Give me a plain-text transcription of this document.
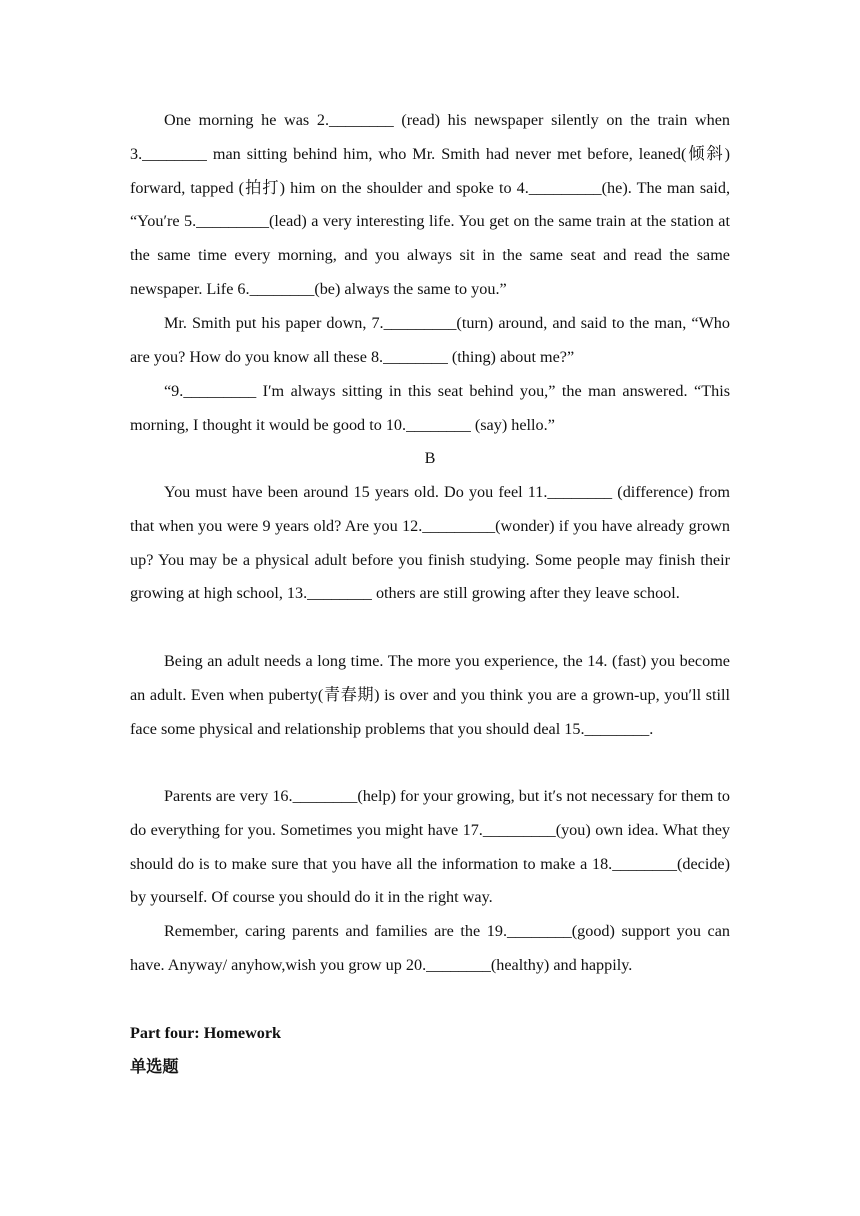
One morning he was 2.________ (read) his newspaper silently on the train when 3.________ man sitting behind him, who Mr. Smith had never met before, leaned(倾斜) forward, tapped (拍打) him on the shoulder and spoke to 4._________(he). The man said, “You′re 5._________(lead) a very interesting life. You get on the same train at the station at the same time every morning, and you always sit in the same seat and read the same newspaper. Life 6.________(be) always the same to you.”

Mr. Smith put his paper down, 7._________(turn) around, and said to the man, “Who are you? How do you know all these 8.________ (thing) about me?”

“9._________ I′m always sitting in this seat behind you,” the man answered. “This morning, I thought it would be good to 10.________ (say) hello.”

B

You must have been around 15 years old. Do you feel 11.________ (difference) from that when you were 9 years old? Are you 12._________(wonder) if you have already grown up? You may be a physical adult before you finish studying. Some people may finish their growing at high school, 13.________ others are still growing after they leave school.

Being an adult needs a long time. The more you experience, the 14. (fast) you become an adult. Even when puberty(青春期) is over and you think you are a grown-up, you′ll still face some physical and relationship problems that you should deal 15.________.

Parents are very 16.________(help) for your growing, but it′s not necessary for them to do everything for you. Sometimes you might have 17._________(you) own idea. What they should do is to make sure that you have all the information to make a 18.________(decide) by yourself. Of course you should do it in the right way.

Remember, caring parents and families are the 19.________(good) support you can have. Anyway/ anyhow,wish you grow up 20.________(healthy) and happily.

Part four: Homework

单选题
